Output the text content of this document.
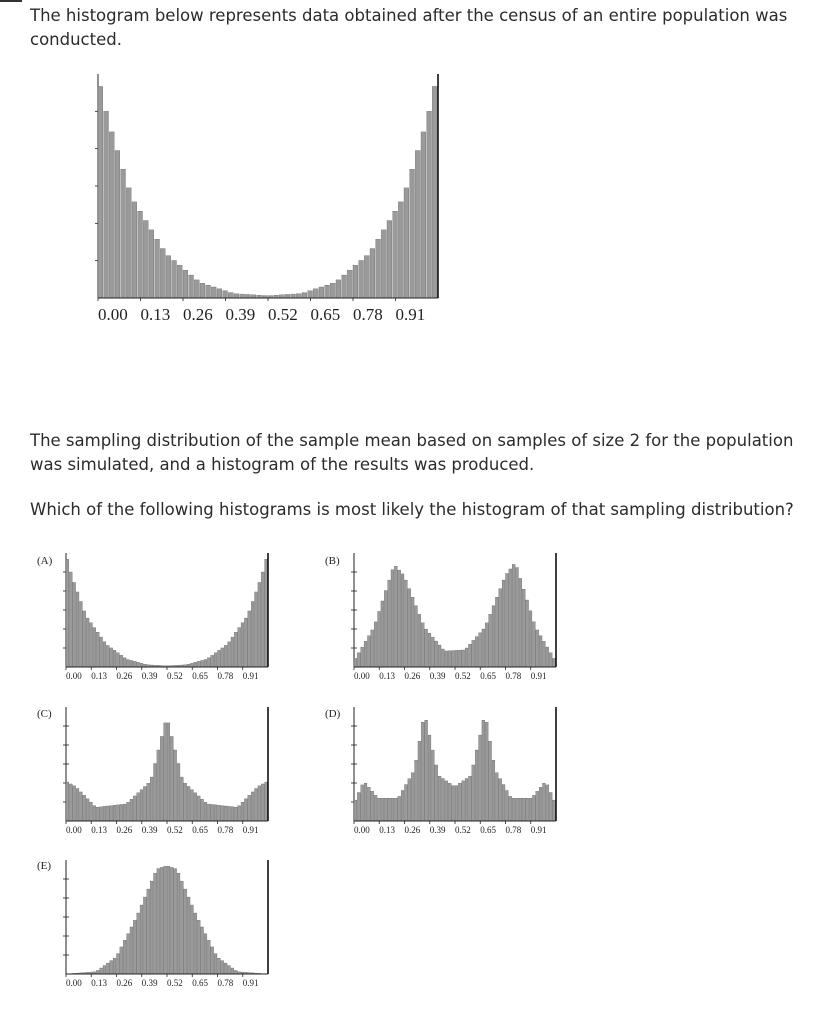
The histogram below represents data obtained after the census of an entire population was conducted.

0.00 0.13 0.26 0.39 0.52 0.65 0.78 0.91

The sampling distribution of the sample mean based on samples of size 2 for the population was simulated, and a histogram of the results was produced.

Which of the following histograms is most likely the histogram of that sampling distribution?

(A)
0.00 0.13 0.26 0.39 0.52 0.65 0.78 0.91
(B)
0.00 0.13 0.26 0.39 0.52 0.65 0.78 0.91
(C)
0.00 0.13 0.26 0.39 0.52 0.65 0.78 0.91
(D)
0.00 0.13 0.26 0.39 0.52 0.65 0.78 0.91
(E)
0.00 0.13 0.26 0.39 0.52 0.65 0.78 0.91
